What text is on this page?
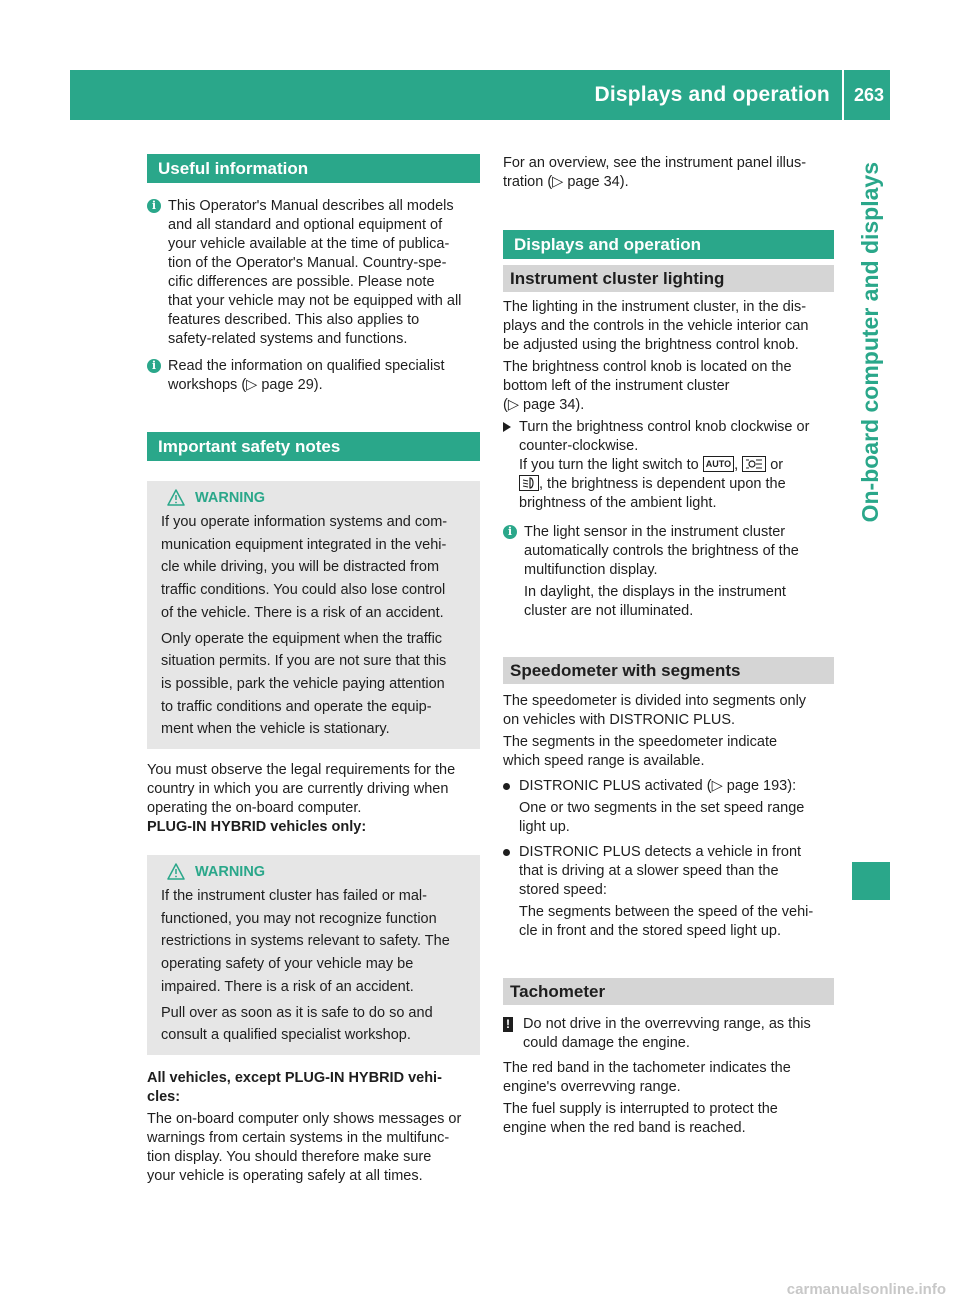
Displays and operation 263
On-board computer and displays
Useful information
i This Operator's Manual describes all models

and all standard and optional equipment of

your vehicle available at the time of publica-

tion of the Operator's Manual. Country-spe-

cific differences are possible. Please note

that your vehicle may not be equipped with all

features described. This also applies to

safety-related systems and functions.

i Read the information on qualified specialist

workshops (▷ page 29).

Important safety notes
WARNING

If you operate information systems and com-

munication equipment integrated in the vehi-

cle while driving, you will be distracted from

traffic conditions. You could also lose control

of the vehicle. There is a risk of an accident.

Only operate the equipment when the traffic

situation permits. If you are not sure that this

is possible, park the vehicle paying attention

to traffic conditions and operate the equip-

ment when the vehicle is stationary.

You must observe the legal requirements for the

country in which you are currently driving when

operating the on-board computer.

PLUG-IN HYBRID vehicles only:

WARNING

If the instrument cluster has failed or mal-

functioned, you may not recognize function

restrictions in systems relevant to safety. The

operating safety of your vehicle may be

impaired. There is a risk of an accident.

Pull over as soon as it is safe to do so and

consult a qualified specialist workshop.

All vehicles, except PLUG-IN HYBRID vehi-

cles:

The on-board computer only shows messages or

warnings from certain systems in the multifunc-

tion display. You should therefore make sure

your vehicle is operating safely at all times.

For an overview, see the instrument panel illus-

tration (▷ page 34).

Displays and operation
Instrument cluster lighting

The lighting in the instrument cluster, in the dis-

plays and the controls in the vehicle interior can

be adjusted using the brightness control knob.

The brightness control knob is located on the

bottom left of the instrument cluster

(▷ page 34).

Turn the brightness control knob clockwise or

counter-clockwise.

If you turn the light switch to AUTO ,  or

, the brightness is dependent upon the

brightness of the ambient light.

i The light sensor in the instrument cluster

automatically controls the brightness of the

multifunction display.

In daylight, the displays in the instrument

cluster are not illuminated.

Speedometer with segments

The speedometer is divided into segments only

on vehicles with DISTRONIC PLUS.

The segments in the speedometer indicate

which speed range is available.

DISTRONIC PLUS activated (▷ page 193):

One or two segments in the set speed range

light up.

DISTRONIC PLUS detects a vehicle in front

that is driving at a slower speed than the

stored speed:

The segments between the speed of the vehi-

cle in front and the stored speed light up.

Tachometer
! Do not drive in the overrevving range, as this

could damage the engine.

The red band in the tachometer indicates the

engine's overrevving range.

The fuel supply is interrupted to protect the

engine when the red band is reached.

carmanualsonline.info
